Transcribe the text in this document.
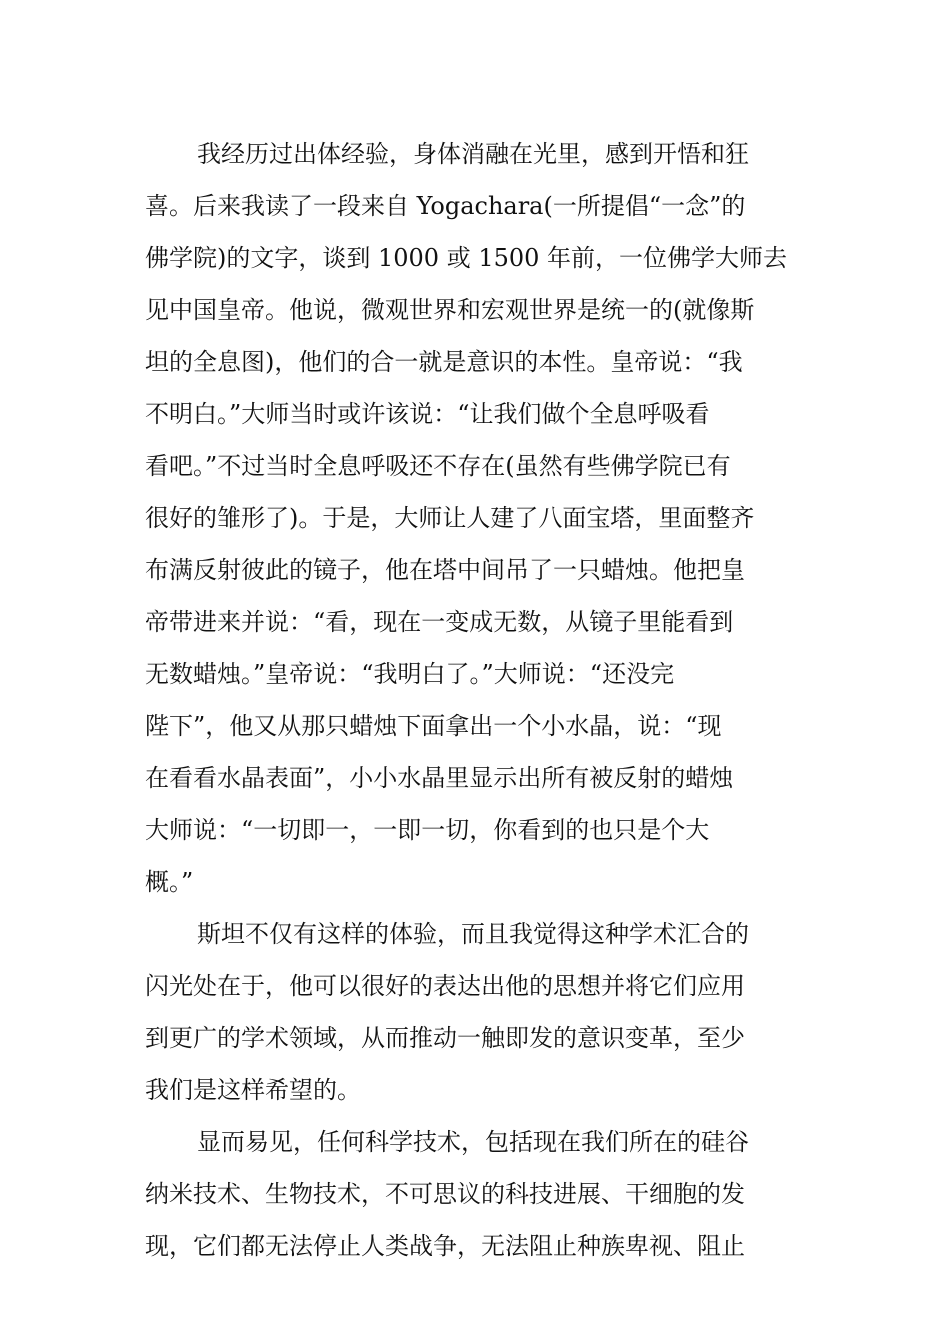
我经历过出体经验，身体消融在光里，感到开悟和狂
喜。后来我读了一段来自 Yogachara(一所提倡“一念”的
佛学院)的文字，谈到 1000 或 1500 年前，一位佛学大师去
见中国皇帝。他说，微观世界和宏观世界是统一的(就像斯
坦的全息图)，他们的合一就是意识的本性。皇帝说：“我
不明白。”大师当时或许该说：“让我们做个全息呼吸看
看吧。”不过当时全息呼吸还不存在(虽然有些佛学院已有
很好的雏形了)。于是，大师让人建了八面宝塔，里面整齐
布满反射彼此的镜子，他在塔中间吊了一只蜡烛。他把皇
帝带进来并说：“看，现在一变成无数，从镜子里能看到
无数蜡烛。”皇帝说：“我明白了。”大师说：“还没完
陛下”，他又从那只蜡烛下面拿出一个小水晶，说：“现
在看看水晶表面”，小小水晶里显示出所有被反射的蜡烛
大师说：“一切即一，一即一切，你看到的也只是个大
概。”
斯坦不仅有这样的体验，而且我觉得这种学术汇合的
闪光处在于，他可以很好的表达出他的思想并将它们应用
到更广的学术领域，从而推动一触即发的意识变革，至少
我们是这样希望的。
显而易见，任何科学技术，包括现在我们所在的硅谷
纳米技术、生物技术，不可思议的科技进展、干细胞的发
现，它们都无法停止人类战争，无法阻止种族卑视、阻止
